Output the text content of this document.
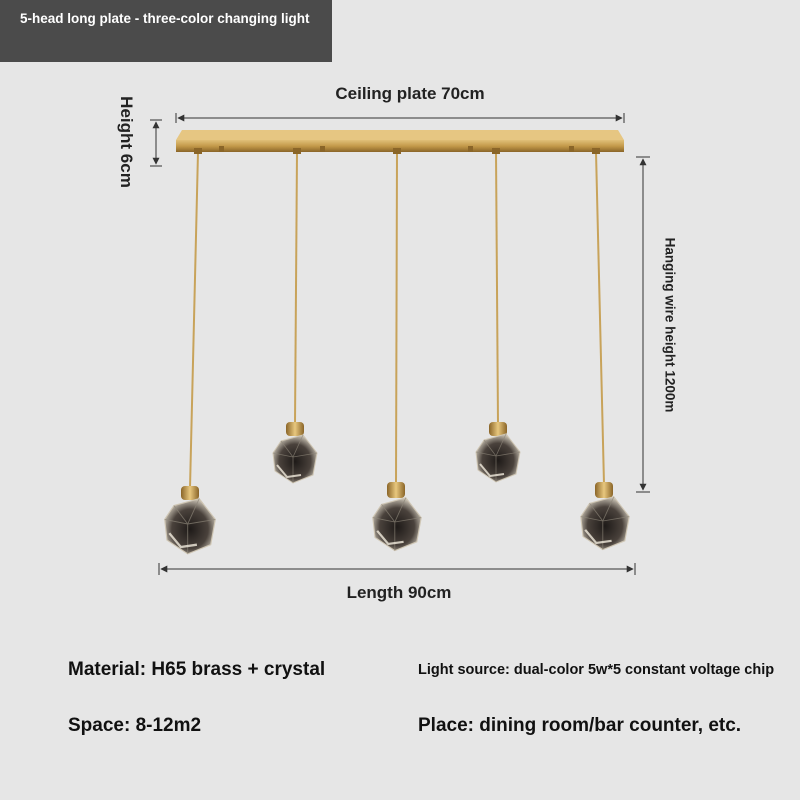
5-head long plate - three-color changing light
Ceiling plate 70cm
Height 6cm
Hanging wire height 1200m
Length 90cm
Material: H65 brass + crystal	Light source: dual-color 5w*5 constant voltage chip
Space: 8-12m2	Place: dining room/bar counter, etc.
